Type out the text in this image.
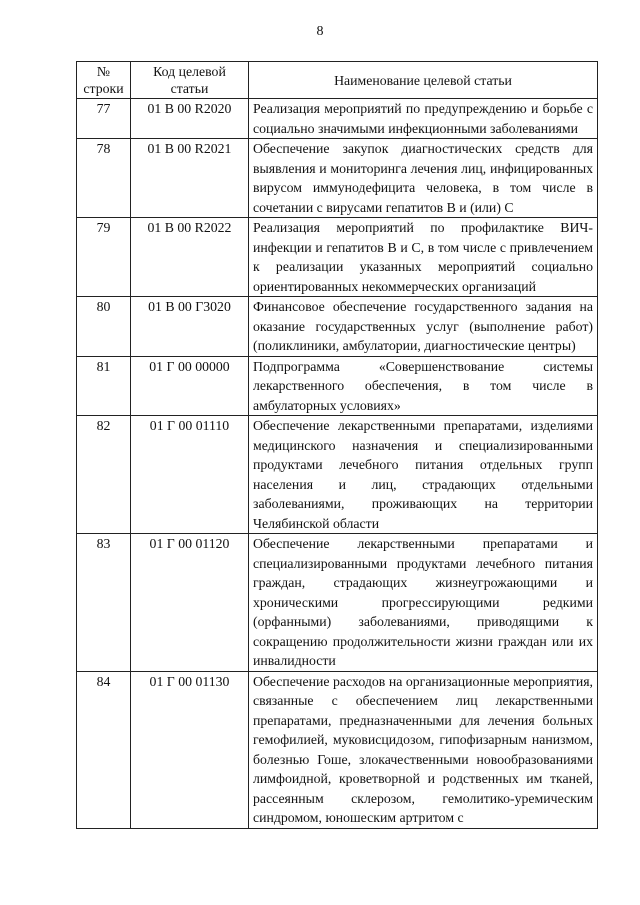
8
№ строки	Код целевой статьи	Наименование целевой статьи
77	01 В 00 R2020	Реализация мероприятий по предупреждению и борьбе с социально значимыми инфекционными заболеваниями
78	01 В 00 R2021	Обеспечение закупок диагностических средств для выявления и мониторинга лечения лиц, инфицированных вирусом иммунодефицита человека, в том числе в сочетании с вирусами гепатитов В и (или) С
79	01 В 00 R2022	Реализация мероприятий по профилактике ВИЧ-инфекции и гепатитов В и С, в том числе с привлечением к реализации указанных мероприятий социально ориентированных некоммерческих организаций
80	01 В 00 Г3020	Финансовое обеспечение государственного задания на оказание государственных услуг (выполнение работ) (поликлиники, амбулатории, диагностические центры)
81	01 Г 00 00000	Подпрограмма «Совершенствование системы лекарственного обеспечения, в том числе в амбулаторных условиях»
82	01 Г 00 01110	Обеспечение лекарственными препаратами, изделиями медицинского назначения и специализированными продуктами лечебного питания отдельных групп населения и лиц, страдающих отдельными заболеваниями, проживающих на территории Челябинской области
83	01 Г 00 01120	Обеспечение лекарственными препаратами и специализированными продуктами лечебного питания граждан, страдающих жизнеугрожающими и хроническими прогрессирующими редкими (орфанными) заболеваниями, приводящими к сокращению продолжительности жизни граждан или их инвалидности
84	01 Г 00 01130	Обеспечение расходов на организационные мероприятия, связанные с обеспечением лиц лекарственными препаратами, предназначенными для лечения больных гемофилией, муковисцидозом, гипофизарным нанизмом, болезнью Гоше, злокачественными новообразованиями лимфоидной, кроветворной и родственных им тканей, рассеянным склерозом, гемолитико-уремическим синдромом, юношеским артритом с
